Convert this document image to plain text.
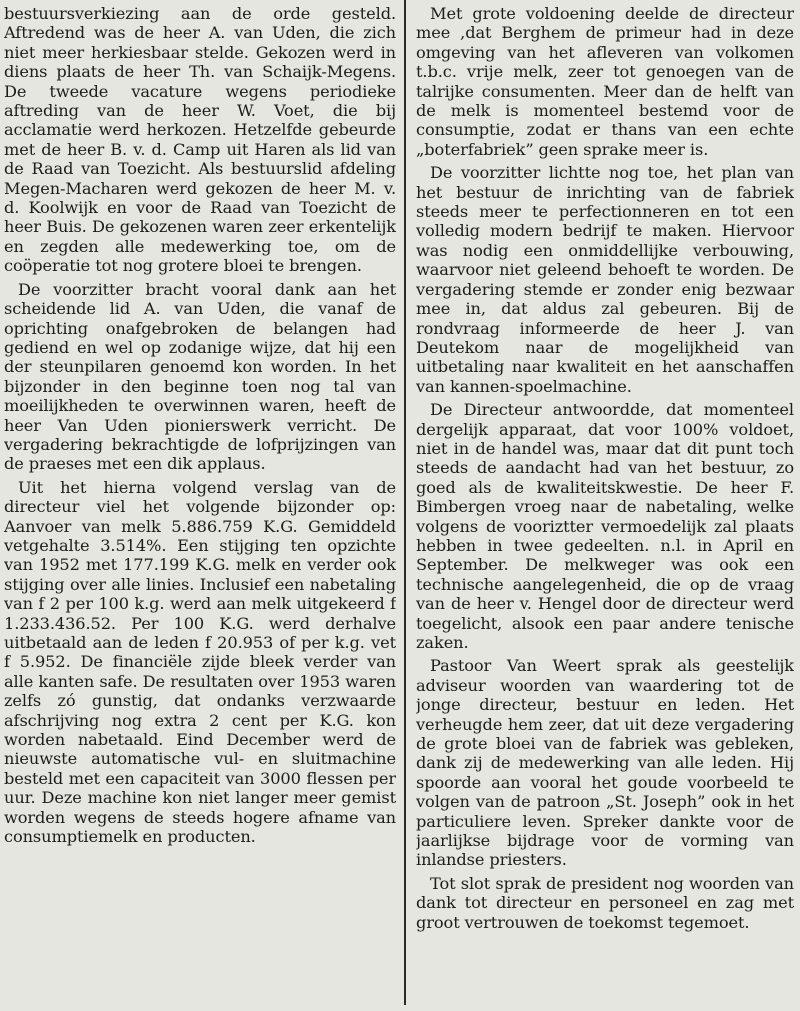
bestuursverkiezing aan de orde gesteld. Aftredend was de heer A. van Uden, die zich niet meer herkiesbaar stelde. Gekozen werd in diens plaats de heer Th. van Schaijk-Megens. De tweede vacature wegens periodieke aftreding van de heer W. Voet, die bij acclamatie werd herkozen. Hetzelfde gebeurde met de heer B. v. d. Camp uit Haren als lid van de Raad van Toezicht. Als bestuurslid afdeling Megen-Macharen werd gekozen de heer M. v. d. Koolwijk en voor de Raad van Toezicht de heer Buis. De gekozenen waren zeer erkentelijk en zegden alle medewerking toe, om de coöperatie tot nog grotere bloei te brengen.

De voorzitter bracht vooral dank aan het scheidende lid A. van Uden, die vanaf de oprichting onafgebroken de belangen had gediend en wel op zodanige wijze, dat hij een der steunpilaren genoemd kon worden. In het bijzonder in den beginne toen nog tal van moeilijkheden te overwinnen waren, heeft de heer Van Uden pionierswerk verricht. De vergadering bekrachtigde de lofprijzingen van de praeses met een dik applaus.

Uit het hierna volgend verslag van de directeur viel het volgende bijzonder op: Aanvoer van melk 5.886.759 K.G. Gemiddeld vetgehalte 3.514%. Een stijging ten opzichte van 1952 met 177.199 K.G. melk en verder ook stijging over alle linies. Inclusief een nabetaling van f 2 per 100 k.g. werd aan melk uitgekeerd f 1.233.436.52. Per 100 K.G. werd derhalve uitbetaald aan de leden f 20.953 of per k.g. vet f 5.952. De financiële zijde bleek verder van alle kanten safe. De resultaten over 1953 waren zelfs zó gunstig, dat ondanks verzwaarde afschrijving nog extra 2 cent per K.G. kon worden nabetaald. Eind December werd de nieuwste automatische vul- en sluitmachine besteld met een capaciteit van 3000 flessen per uur. Deze machine kon niet langer meer gemist worden wegens de steeds hogere afname van consumptiemelk en producten.

Met grote voldoening deelde de directeur mee ,dat Berghem de primeur had in deze omgeving van het afleveren van volkomen t.b.c. vrije melk, zeer tot genoegen van de talrijke consumenten. Meer dan de helft van de melk is momenteel bestemd voor de consumptie, zodat er thans van een echte „boterfabriek” geen sprake meer is.

De voorzitter lichtte nog toe, het plan van het bestuur de inrichting van de fabriek steeds meer te perfectionneren en tot een volledig modern bedrijf te maken. Hiervoor was nodig een onmiddellijke verbouwing, waarvoor niet geleend behoeft te worden. De vergadering stemde er zonder enig bezwaar mee in, dat aldus zal gebeuren. Bij de rondvraag informeerde de heer J. van Deutekom naar de mogelijkheid van uitbetaling naar kwaliteit en het aanschaffen van kannen-spoelmachine.

De Directeur antwoordde, dat momenteel dergelijk apparaat, dat voor 100% voldoet, niet in de handel was, maar dat dit punt toch steeds de aandacht had van het bestuur, zo goed als de kwaliteitskwestie. De heer F. Bimbergen vroeg naar de nabetaling, welke volgens de vooriztter vermoedelijk zal plaats hebben in twee gedeelten. n.l. in April en September. De melkweger was ook een technische aangelegenheid, die op de vraag van de heer v. Hengel door de directeur werd toegelicht, alsook een paar andere tenische zaken.

Pastoor Van Weert sprak als geestelijk adviseur woorden van waardering tot de jonge directeur, bestuur en leden. Het verheugde hem zeer, dat uit deze vergadering de grote bloei van de fabriek was gebleken, dank zij de medewerking van alle leden. Hij spoorde aan vooral het goude voorbeeld te volgen van de patroon „St. Joseph” ook in het particuliere leven. Spreker dankte voor de jaarlijkse bijdrage voor de vorming van inlandse priesters.

Tot slot sprak de president nog woorden van dank tot directeur en personeel en zag met groot vertrouwen de toekomst tegemoet.
